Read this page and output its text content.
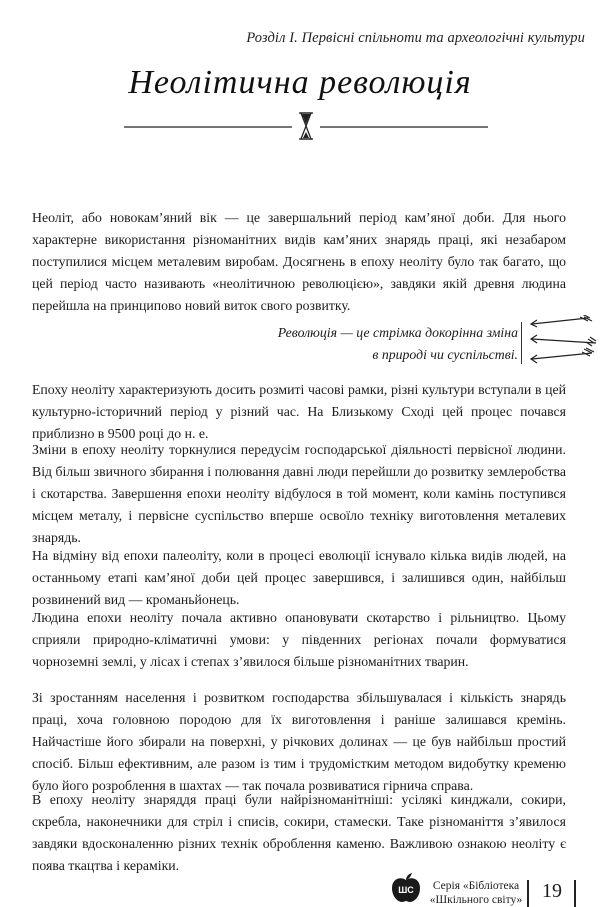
Розділ І. Первісні спільноти та археологічні культури
Неолітична революція

Неоліт, або новокам’яний вік — це завершальний період кам’яної доби. Для нього характерне використання різноманітних видів кам’яних знарядь праці, які незабаром поступилися місцем металевим виробам. Досягнень в епоху неоліту було так багато, що цей період часто називають «неолітичною революцією», завдяки якій древня людина перейшла на принципово новий виток свого розвитку.

Революція — це стрімка докорінна зміна
в природі чи суспільстві.

Епоху неоліту характеризують досить розмиті часові рамки, різні культури вступали в цей культурно-історичний період у різний час. На Близькому Сході цей процес почався приблизно в 9500 році до н. е.

Зміни в епоху неоліту торкнулися передусім господарської діяльності первісної людини. Від більш звичного збирання і полювання давні люди перейшли до розвитку землеробства і скотарства. Завершення епохи неоліту відбулося в той момент, коли камінь поступився місцем металу, і первісне суспільство вперше освоїло техніку виготовлення металевих знарядь.

На відміну від епохи палеоліту, коли в процесі еволюції існувало кілька видів людей, на останньому етапі кам’яної доби цей процес завершився, і залишився один, найбільш розвинений вид — кроманьйонець.

Людина епохи неоліту почала активно опановувати скотарство і рільництво. Цьому сприяли природно-кліматичні умови: у південних регіонах почали формуватися чорноземні землі, у лісах і степах з’явилося більше різноманітних тварин.

Зі зростанням населення і розвитком господарства збільшувалася і кількість знарядь праці, хоча головною породою для їх виготовлення і раніше залишався кремінь. Найчастіше його збирали на поверхні, у річкових долинах — це був найбільш простий спосіб. Більш ефективним, але разом із тим і трудомістким методом видобутку кременю було його розроблення в шахтах — так почала розвиватися гірнича справа.

В епоху неоліту знаряддя праці були найрізноманітніші: усілякі кинджали, сокири, скребла, наконечники для стріл і списів, сокири, стамески. Таке різноманіття з’явилося завдяки вдосконаленню різних технік оброблення каменю. Важливою ознакою неоліту є поява ткацтва і кераміки.

ШС	Серія «Бібліотека
«Шкільного світу» 19
